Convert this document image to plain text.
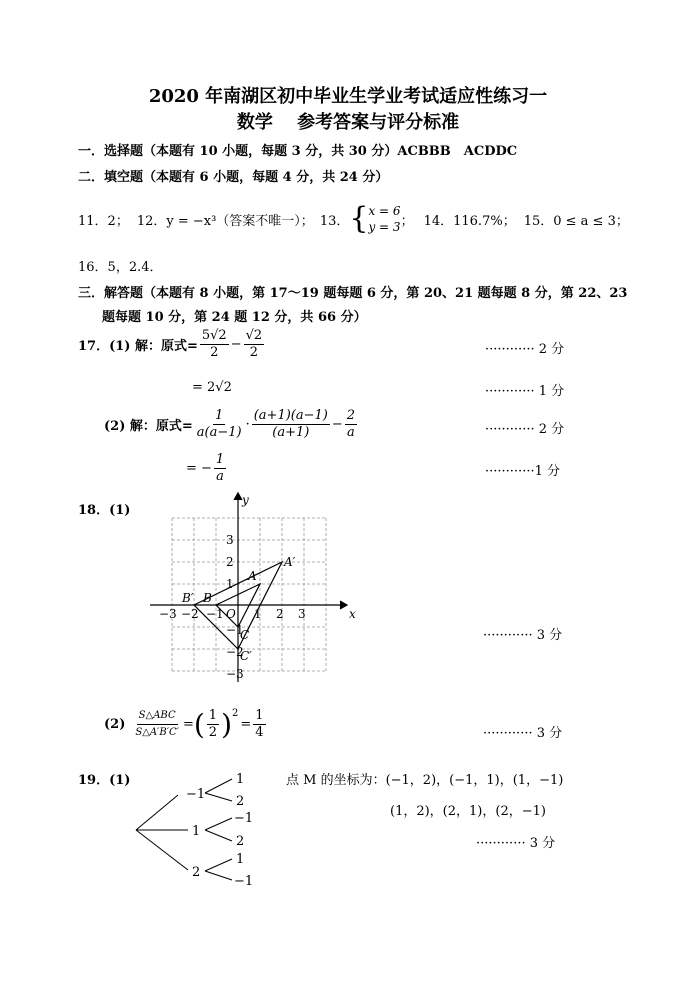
2020 年南湖区初中毕业生学业考试适应性练习一
数学　 参考答案与评分标准
一．选择题（本题有 10 小题，每题 3 分，共 30 分）ACBBB　ACDDC
二．填空题（本题有 6 小题，每题 4 分，共 24 分）
11．2； 12．y = −x³（答案不唯一）； 13． { x = 6
y = 3 ； 14．116.7%； 15．0 ≤ a ≤ 3；
16．5，2.4．
三．解答题（本题有 8 小题，第 17～19 题每题 6 分，第 20、21 题每题 8 分，第 22、23
题每题 10 分，第 24 题 12 分，共 66 分）
17．(1) 解：原式= $\frac{5√2}{2} - \frac{√2}{2}$	············ 2 分
= 2√2	············ 1 分
(2) 解：原式= $\frac{1}{a(a-1)} \cdot \frac{(a+1)(a-1)}{(a+1)} - \frac{2}{a}$	············ 2 分
= − $\frac{1}{a}$	············1 分
18．(1)
x
y
O
−3 −2 −1	1 2 3
3
2
1
−1
−2
−3
A
A′
B
B′
C
C′
············ 3 分
$(2) \frac{\text{S△ABC}}{S\triangle A'B'C'}$ = ( $\frac{1}{2}$ ) 2
= $\frac{1}{4}$	············ 3 分
19．(1)
−1
1
2
1
2
−1
2
1
−1
点 M 的坐标为：(−1，2)，(−1，1)，(1，−1)
(1，2)，(2，1)，(2，−1)
············ 3 分
